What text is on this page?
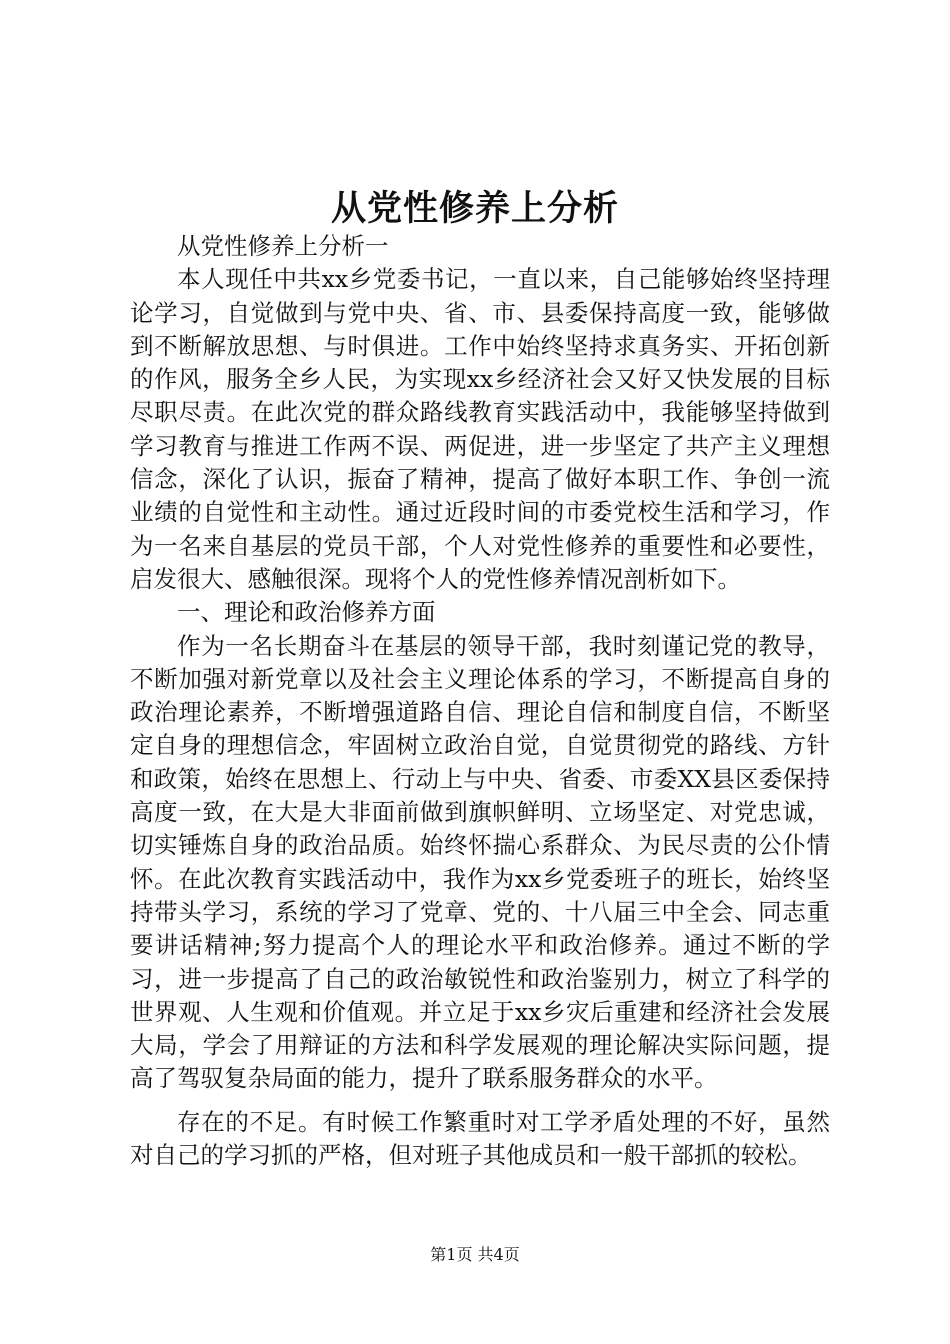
从党性修养上分析

从党性修养上分析一

本人现任中共xx乡党委书记，一直以来，自己能够始终坚持理论学习，自觉做到与党中央、省、市、县委保持高度一致，能够做到不断解放思想、与时俱进。工作中始终坚持求真务实、开拓创新的作风，服务全乡人民，为实现xx乡经济社会又好又快发展的目标尽职尽责。在此次党的群众路线教育实践活动中，我能够坚持做到学习教育与推进工作两不误、两促进，进一步坚定了共产主义理想信念，深化了认识，振奋了精神，提高了做好本职工作、争创一流业绩的自觉性和主动性。通过近段时间的市委党校生活和学习，作为一名来自基层的党员干部，个人对党性修养的重要性和必要性，启发很大、感触很深。现将个人的党性修养情况剖析如下。

一、理论和政治修养方面

作为一名长期奋斗在基层的领导干部，我时刻谨记党的教导，不断加强对新党章以及社会主义理论体系的学习，不断提高自身的政治理论素养，不断增强道路自信、理论自信和制度自信，不断坚定自身的理想信念，牢固树立政治自觉，自觉贯彻党的路线、方针和政策，始终在思想上、行动上与中央、省委、市委XX县区委保持高度一致，在大是大非面前做到旗帜鲜明、立场坚定、对党忠诚，切实锤炼自身的政治品质。始终怀揣心系群众、为民尽责的公仆情怀。在此次教育实践活动中，我作为xx乡党委班子的班长，始终坚持带头学习，系统的学习了党章、党的、十八届三中全会、同志重要讲话精神;努力提高个人的理论水平和政治修养。通过不断的学习，进一步提高了自己的政治敏锐性和政治鉴别力，树立了科学的世界观、人生观和价值观。并立足于xx乡灾后重建和经济社会发展大局，学会了用辩证的方法和科学发展观的理论解决实际问题，提高了驾驭复杂局面的能力，提升了联系服务群众的水平。

存在的不足。有时候工作繁重时对工学矛盾处理的不好，虽然对自己的学习抓的严格，但对班子其他成员和一般干部抓的较松。

第1页 共4页
